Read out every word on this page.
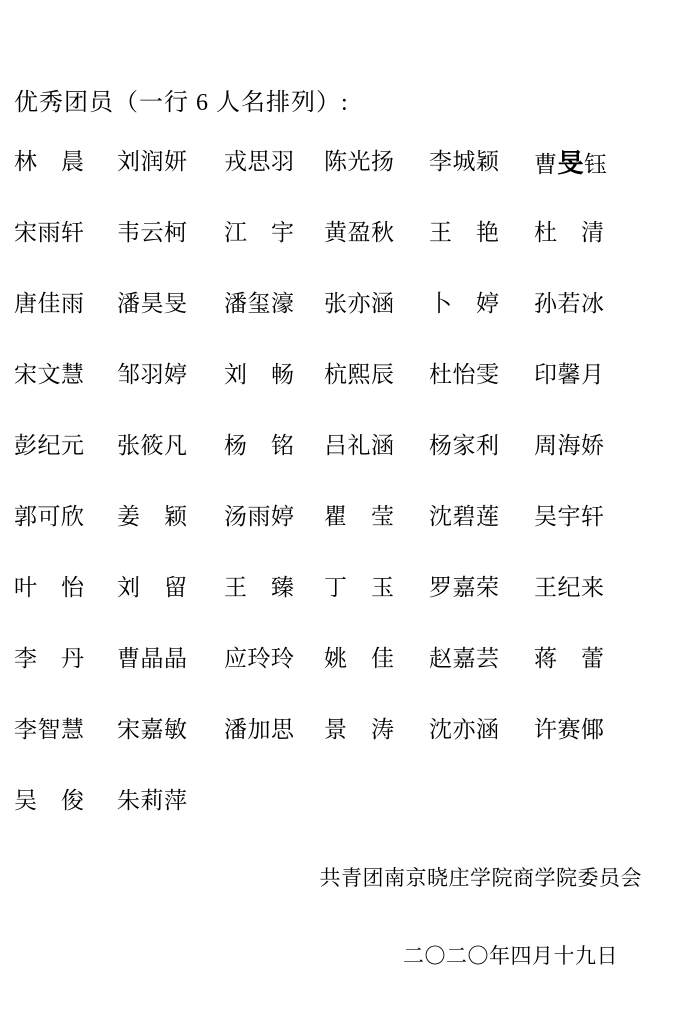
优秀团员（一行 6 人名排列）:
林　晨	刘润妍	戎思羽	陈光扬	李城颖	曹旻钰
宋雨轩	韦云柯	江　宇	黄盈秋	王　艳	杜　清
唐佳雨	潘昊旻	潘玺濠	张亦涵	卜　婷	孙若冰
宋文慧	邹羽婷	刘　畅	杭熙辰	杜怡雯	印馨月
彭纪元	张筱凡	杨　铭	吕礼涵	杨家利	周海娇
郭可欣	姜　颖	汤雨婷	瞿　莹	沈碧莲	吴宇轩
叶　怡	刘　留	王　臻	丁　玉	罗嘉荣	王纪来
李　丹	曹晶晶	应玲玲	姚　佳	赵嘉芸	蒋　蕾
李智慧	宋嘉敏	潘加思	景　涛	沈亦涵	许赛倻
吴　俊	朱莉萍
共青团南京晓庄学院商学院委员会
二〇二〇年四月十九日
